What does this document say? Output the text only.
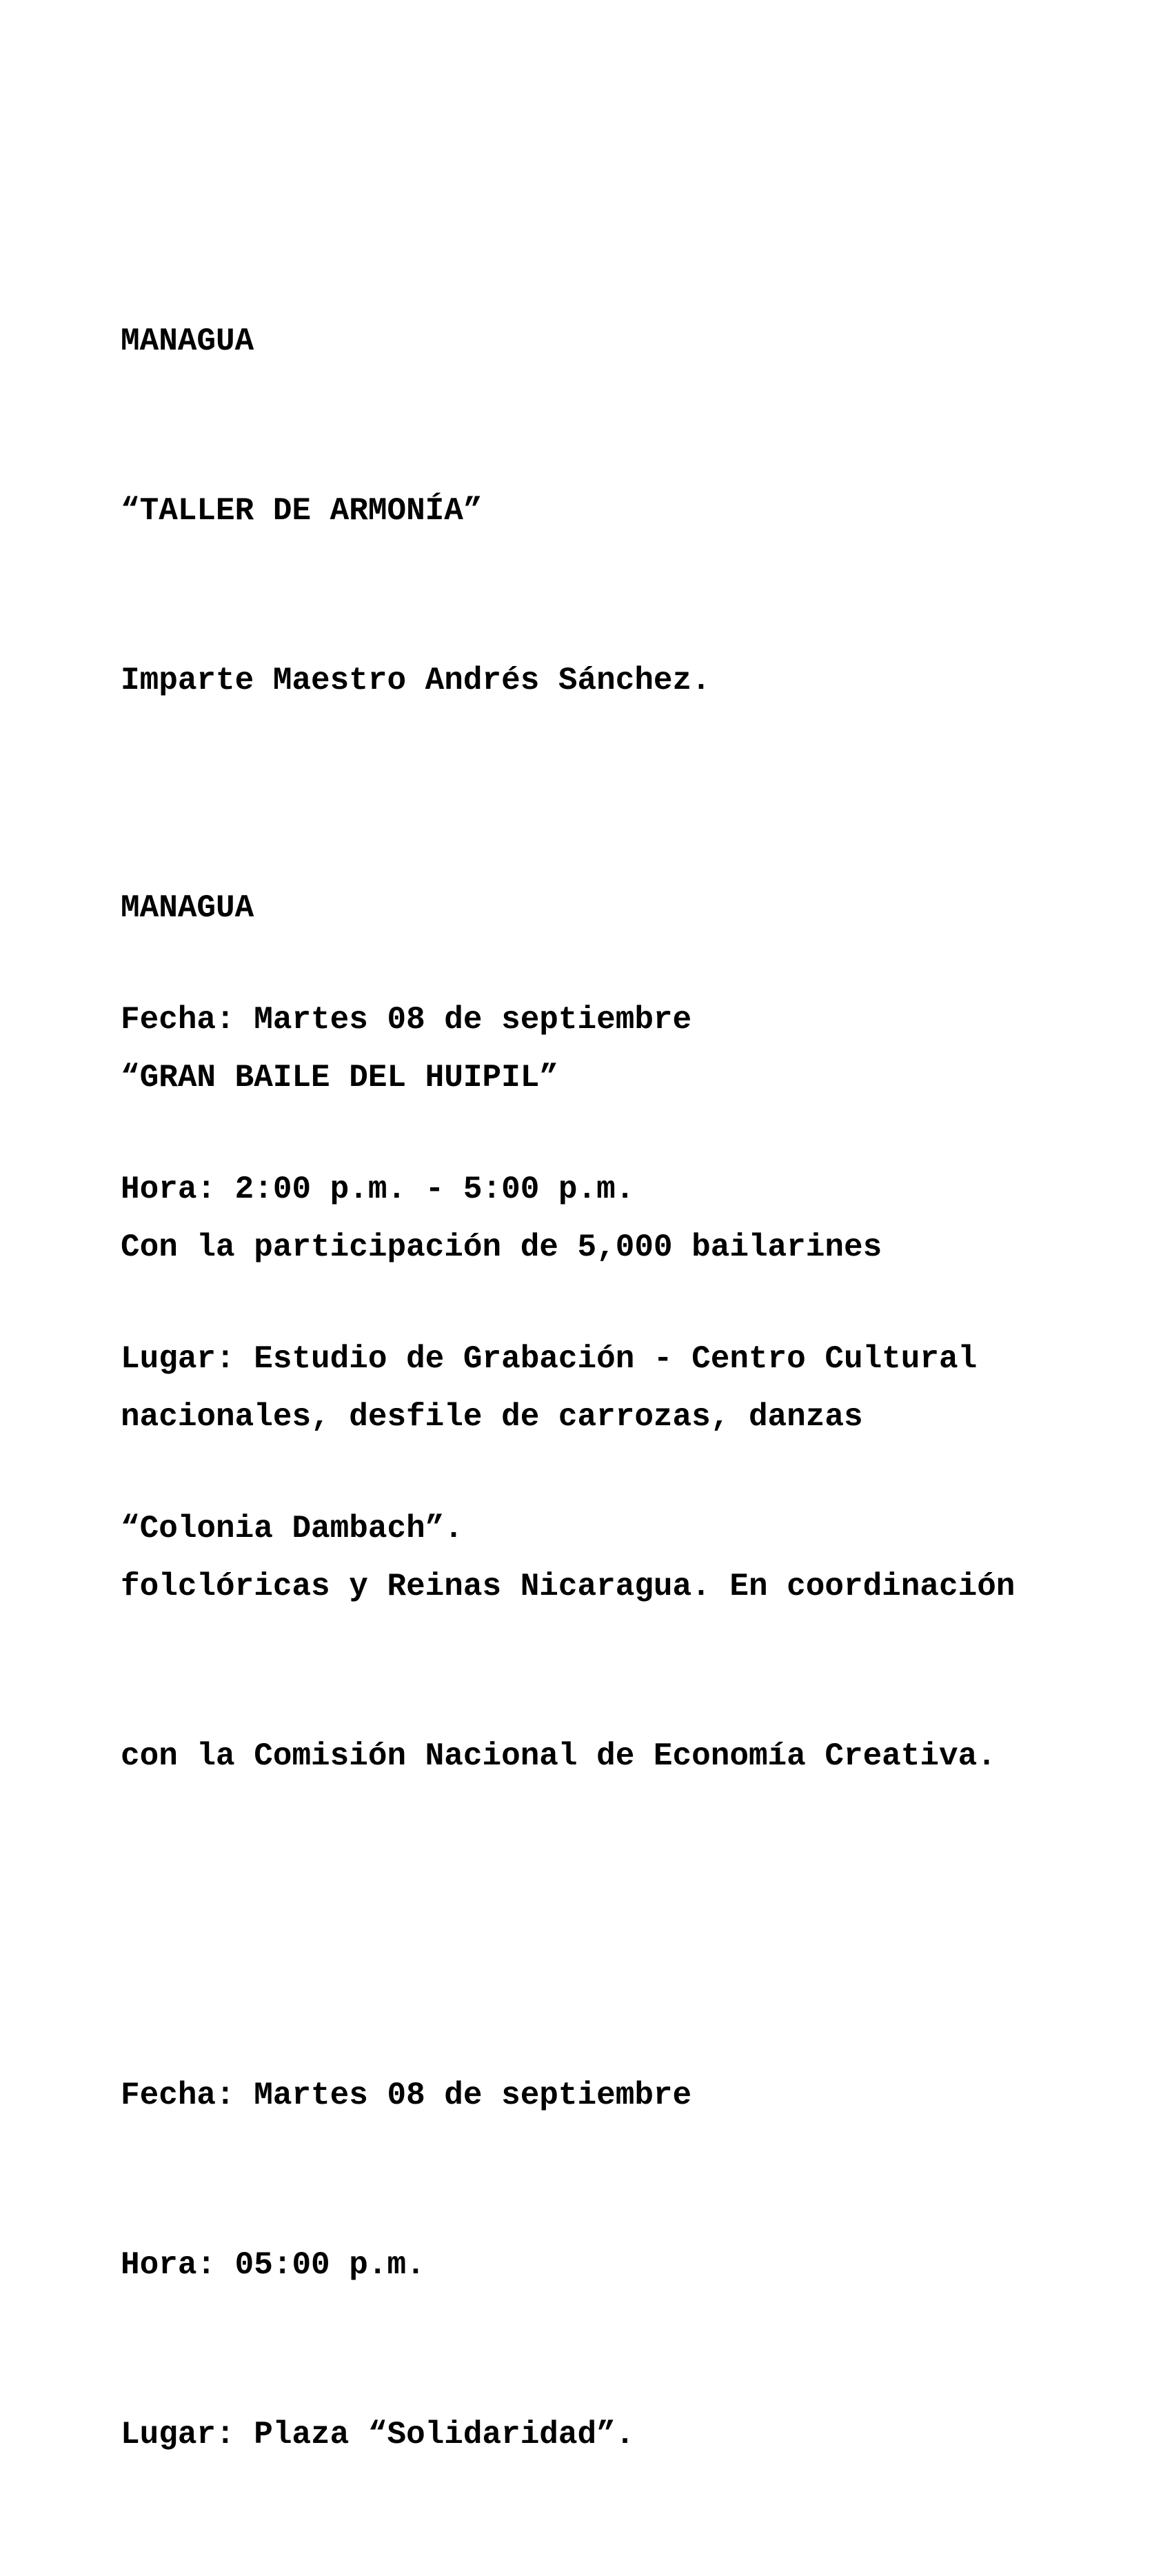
MANAGUA

“TALLER DE ARMONÍA”

Imparte Maestro Andrés Sánchez.

Fecha: Martes 08 de septiembre

Hora: 2:00 p.m. - 5:00 p.m.

Lugar: Estudio de Grabación - Centro Cultural

“Colonia Dambach”.

MANAGUA

“GRAN BAILE DEL HUIPIL”

Con la participación de 5,000 bailarines

nacionales, desfile de carrozas, danzas

folclóricas y Reinas Nicaragua. En coordinación

con la Comisión Nacional de Economía Creativa.

Fecha: Martes 08 de septiembre

Hora: 05:00 p.m.

Lugar: Plaza “Solidaridad”.
